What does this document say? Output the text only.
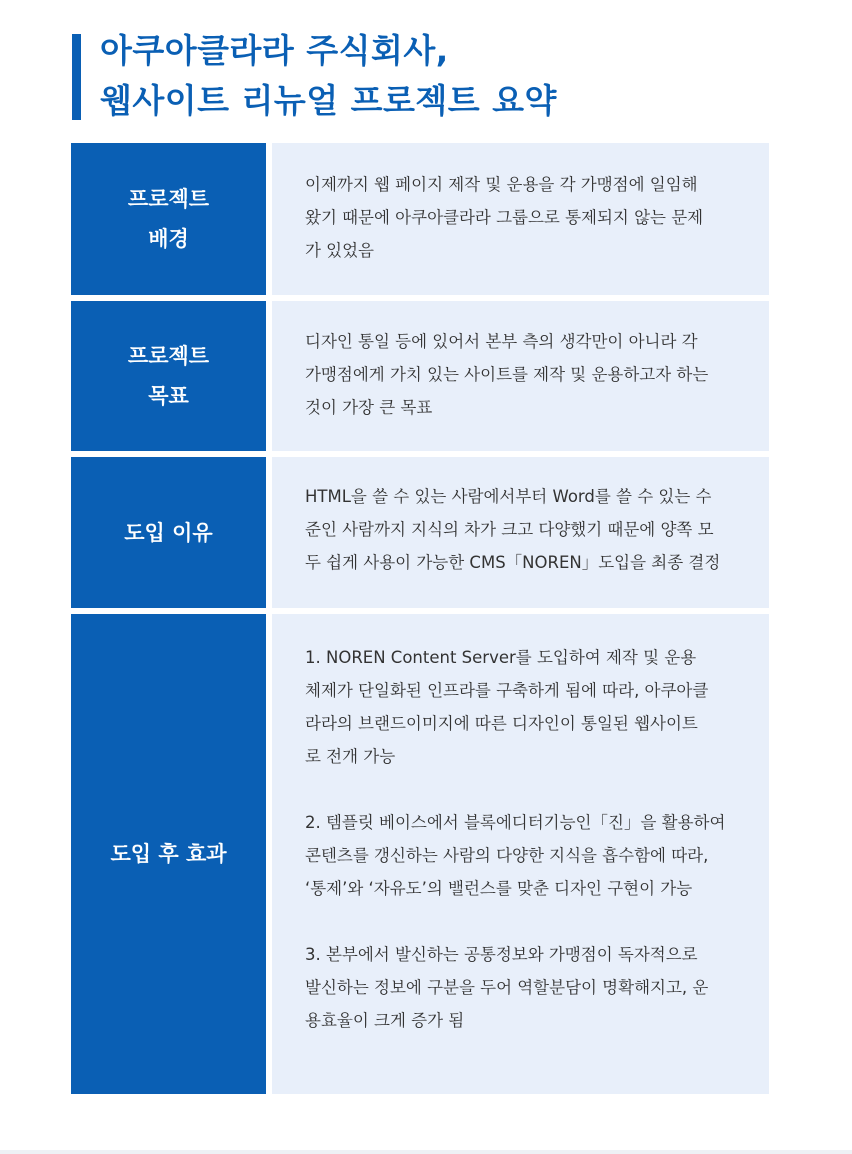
아쿠아클라라 주식회사,
웹사이트 리뉴얼 프로젝트 요약
프로젝트
배경
이제까지 웹 페이지 제작 및 운용을 각 가맹점에 일임해
왔기 때문에 아쿠아클라라 그룹으로 통제되지 않는 문제
가 있었음
프로젝트
목표
디자인 통일 등에 있어서 본부 측의 생각만이 아니라 각
가맹점에게 가치 있는 사이트를 제작 및 운용하고자 하는
것이 가장 큰 목표
도입 이유
HTML을 쓸 수 있는 사람에서부터 Word를 쓸 수 있는 수
준인 사람까지 지식의 차가 크고 다양했기 때문에 양쪽 모
두 쉽게 사용이 가능한 CMS「NOREN」도입을 최종 결정
도입 후 효과
1. NOREN Content Server를 도입하여 제작 및 운용
체제가 단일화된 인프라를 구축하게 됨에 따라, 아쿠아클
라라의 브랜드이미지에 따른 디자인이 통일된 웹사이트
로 전개 가능
2. 템플릿 베이스에서 블록에디터기능인「진」을 활용하여
콘텐츠를 갱신하는 사람의 다양한 지식을 흡수함에 따라,
‘통제’와 ‘자유도’의 밸런스를 맞춘 디자인 구현이 가능
3. 본부에서 발신하는 공통정보와 가맹점이 독자적으로
발신하는 정보에 구분을 두어 역할분담이 명확해지고, 운
용효율이 크게 증가 됨
